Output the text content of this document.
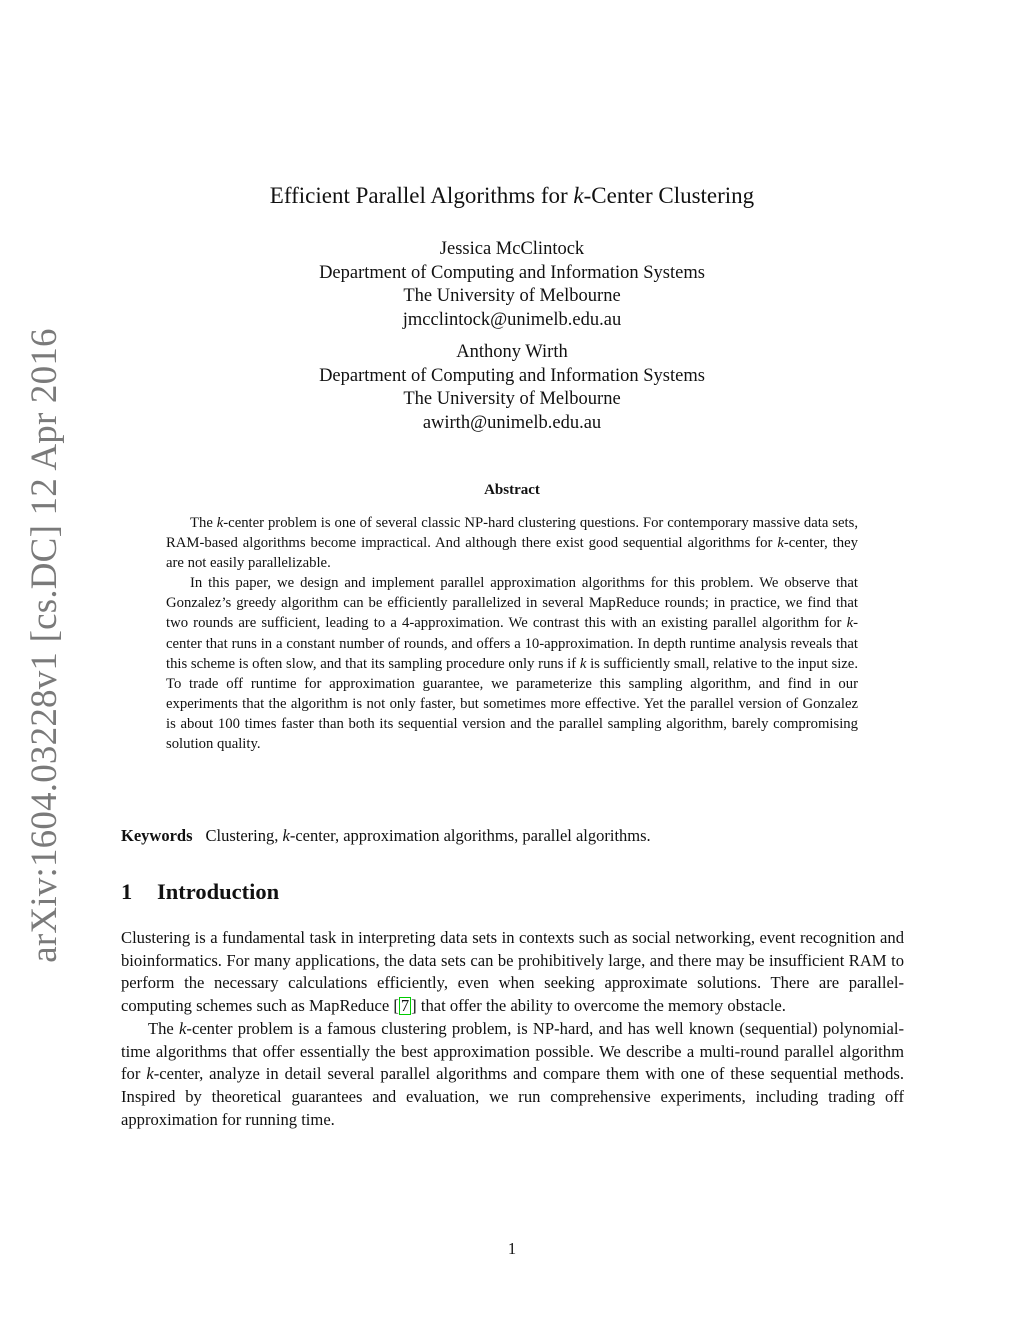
arXiv:1604.03228v1 [cs.DC] 12 Apr 2016
Efficient Parallel Algorithms for k-Center Clustering
Jessica McClintock
Department of Computing and Information Systems
The University of Melbourne
jmcclintock@unimelb.edu.au
Anthony Wirth
Department of Computing and Information Systems
The University of Melbourne
awirth@unimelb.edu.au
Abstract

The k-center problem is one of several classic NP-hard clustering questions. For contemporary massive data sets, RAM-based algorithms become impractical. And although there exist good sequential algorithms for k-center, they are not easily parallelizable.

In this paper, we design and implement parallel approximation algorithms for this problem. We observe that Gonzalez’s greedy algorithm can be efficiently parallelized in several MapReduce rounds; in practice, we find that two rounds are sufficient, leading to a 4-approximation. We contrast this with an existing parallel algorithm for k-center that runs in a constant number of rounds, and offers a 10-approximation. In depth runtime analysis reveals that this scheme is often slow, and that its sampling procedure only runs if k is sufficiently small, relative to the input size. To trade off runtime for approximation guarantee, we parameterize this sampling algorithm, and find in our experiments that the algorithm is not only faster, but sometimes more effective. Yet the parallel version of Gonzalez is about 100 times faster than both its sequential version and the parallel sampling algorithm, barely compromising solution quality.

Keywords Clustering, k-center, approximation algorithms, parallel algorithms.
1 Introduction

Clustering is a fundamental task in interpreting data sets in contexts such as social networking, event recognition and bioinformatics. For many applications, the data sets can be prohibitively large, and there may be insufficient RAM to perform the necessary calculations efficiently, even when seeking approximate solutions. There are parallel-computing schemes such as MapReduce [ 7 ] that offer the ability to overcome the memory obstacle.

The k-center problem is a famous clustering problem, is NP-hard, and has well known (sequential) polynomial-time algorithms that offer essentially the best approximation possible. We describe a multi-round parallel algorithm for k-center, analyze in detail several parallel algorithms and compare them with one of these sequential methods. Inspired by theoretical guarantees and evaluation, we run comprehensive experiments, including trading off approximation for running time.

1
